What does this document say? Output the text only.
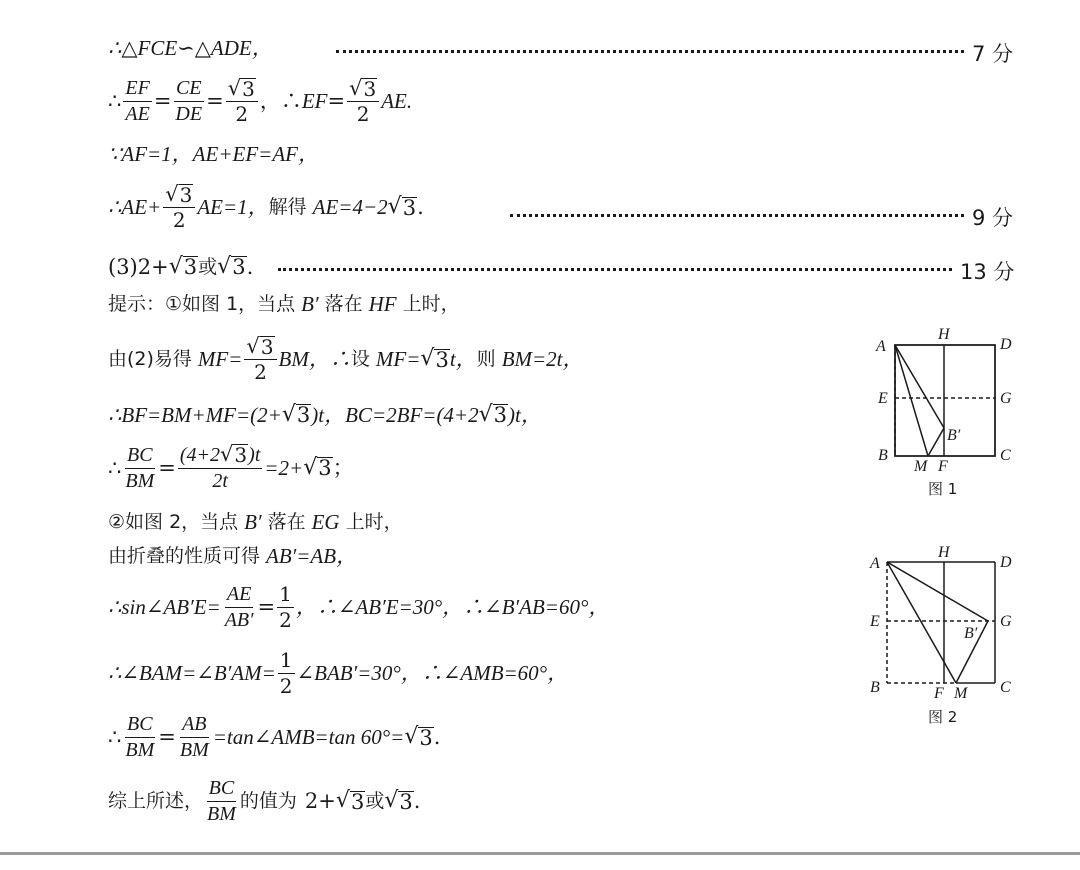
∴△FCE∽△ADE，	7 分
∴ $\frac{EF}{AE} = \frac{CE}{DE} = \frac{√ 3}{2}$ ，∴ EF = $\frac{√ 3}{2}$ AE.
∵AF=1，AE+EF=AF，
∴AE+ $\frac{√ 3}{2} AE=1$， 解得 AE=4−2 √ 3 .	9 分
(3)2+ √ 3 或 √ 3 .	13 分
提示：①如图 1，当点 B′ 落在 HF 上时，
由(2)易得 $MF= \frac{√ 3}{2}$ BM，∴ 设 MF= √ 3 t， 则 BM=2t，
∴BF=BM+MF=(2+ √ 3 )t，BC=2BF=(4+2 √ 3 )t，
∴ $\frac{BC}{BM} = \frac{(4+2 √ 3 )t}{2t} =2+$ √ 3 ；
②如图 2，当点 B′ 落在 EG 上时，
由折叠的性质可得 AB′=AB，
∴sin∠AB′E= $\frac{AE}{AB'} = \frac{1}{2}$ ，∴∠AB′E=30°，∴∠B′AB=60°，
∴∠BAM=∠B′AM= $\frac{1}{2}$ ∠BAB′=30°，∴∠AMB=60°，
∴ $\frac{BC}{BM} = \frac{AB}{BM}$ =tan∠AMB=tan 60°= √ 3 .
综上所述， $\frac{BC}{BM}$ 的值为 2+ √ 3 或 √ 3 .
A
H
D
E	G
B′
B
M F
C
图 1
A
H
D
E	G
B′
B	F M C
图 2
